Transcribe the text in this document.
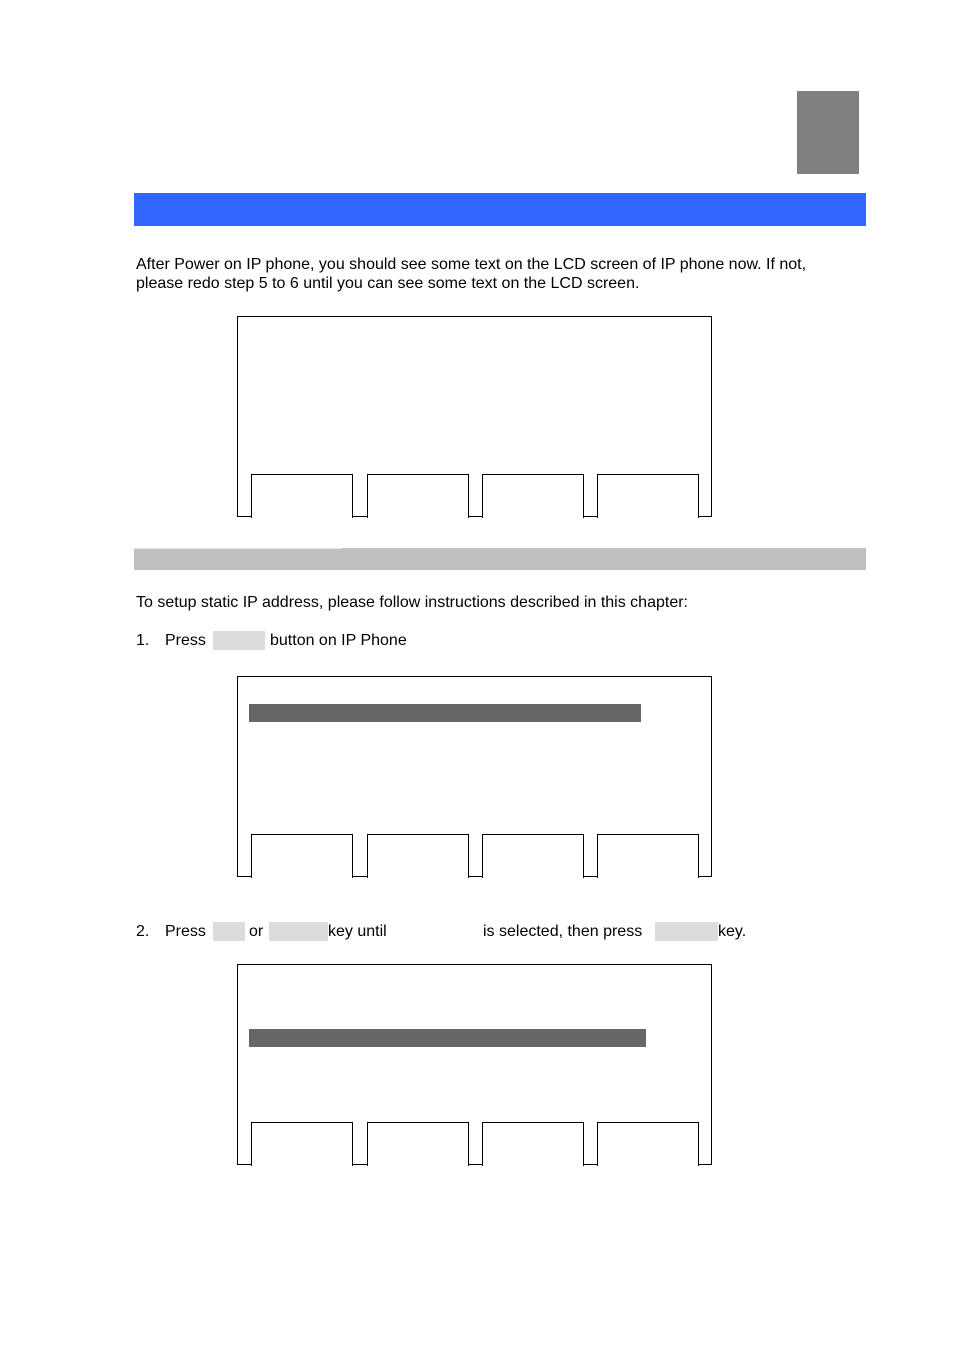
After Power on IP phone, you should see some text on the LCD screen of IP phone now. If not,
please redo step 5 to 6 until you can see some text on the LCD screen.
To setup static IP address, please follow instructions described in this chapter:
1. Press	button on IP Phone
2. Press	or	key until	is selected, then press	key.
